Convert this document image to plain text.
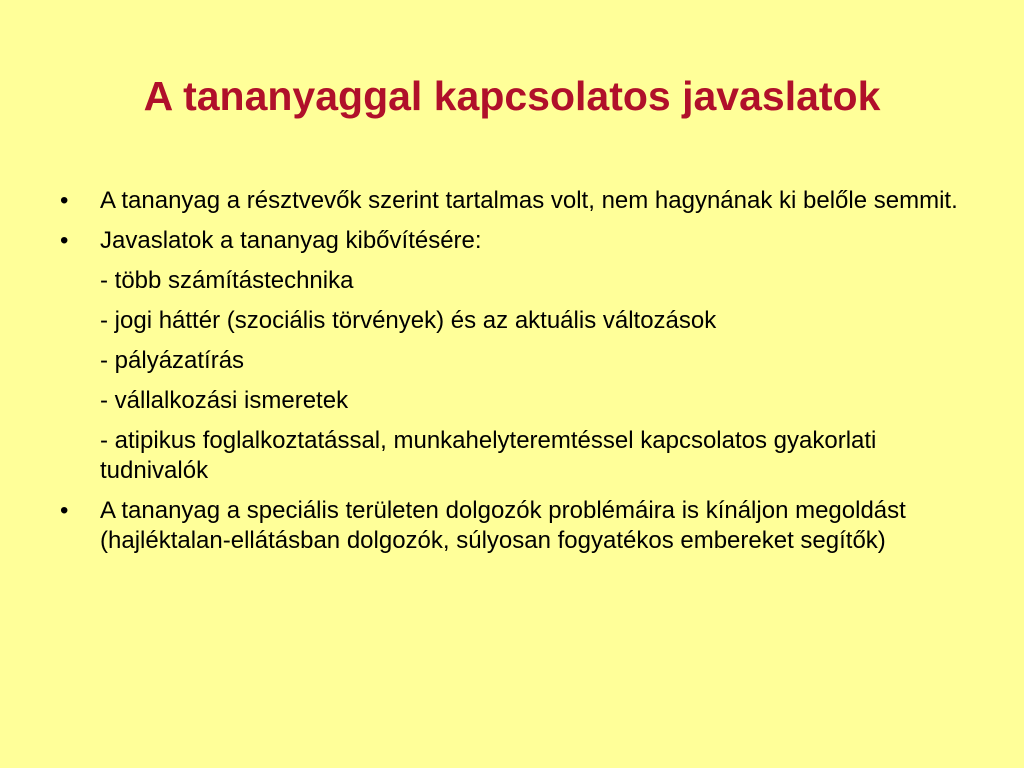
A tananyaggal kapcsolatos javaslatok
•	A tananyag a résztvevők szerint tartalmas volt, nem hagynának ki belőle semmit.
•	Javaslatok a tananyag kibővítésére:
- több számítástechnika
- jogi háttér (szociális törvények) és az aktuális változások
- pályázatírás
- vállalkozási ismeretek
- atipikus foglalkoztatással, munkahelyteremtéssel kapcsolatos gyakorlati tudnivalók
•	A tananyag a speciális területen dolgozók problémáira is kínáljon megoldást (hajléktalan-ellátásban dolgozók, súlyosan fogyatékos embereket segítők)
